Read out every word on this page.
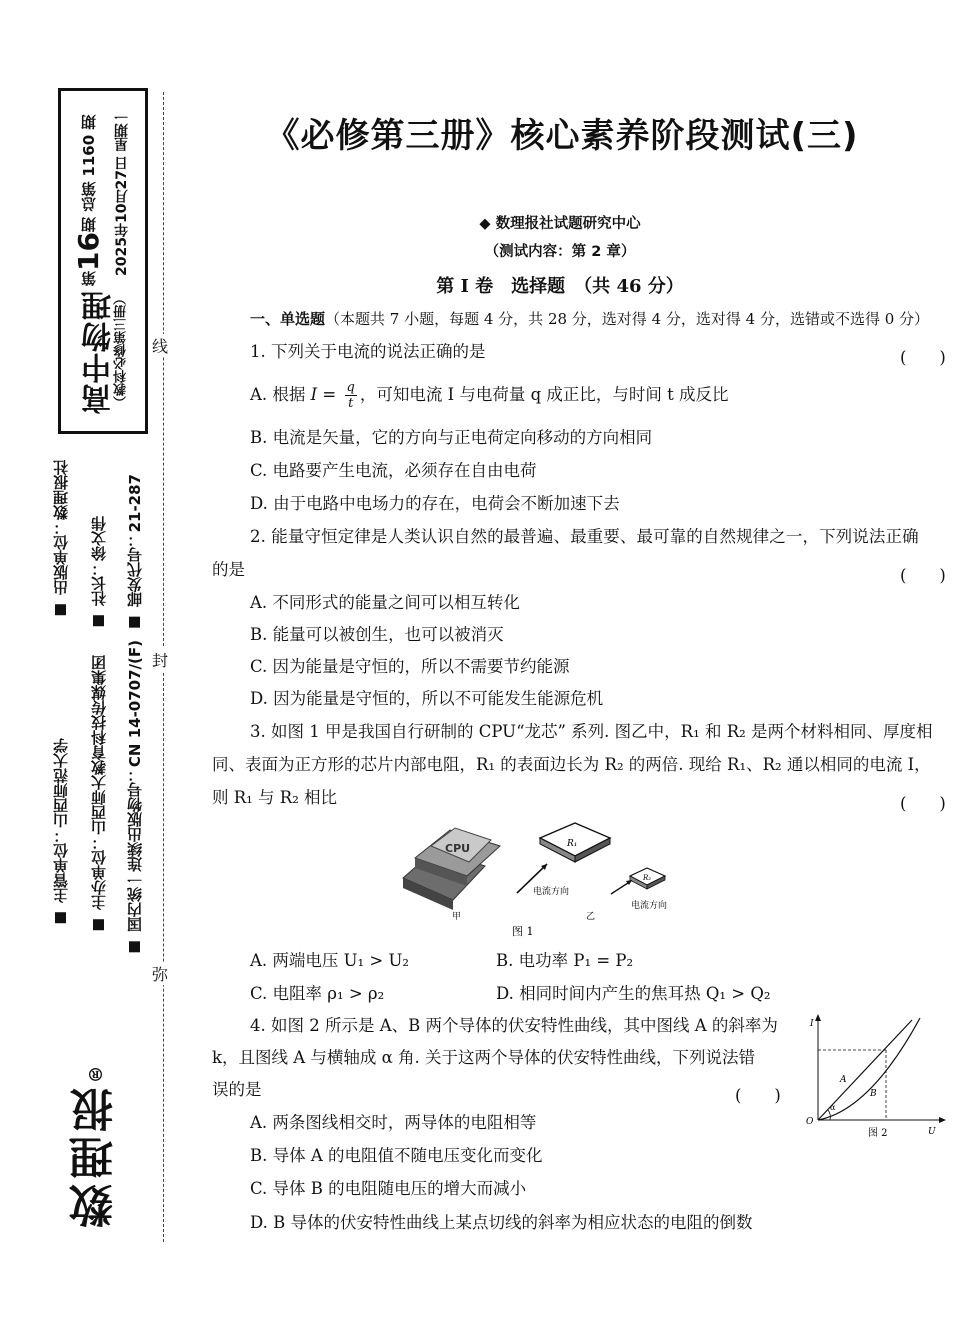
高中物理
（教科必修第三册）
第16期 总第 1160 期	2025年10月27日 星期一
出版单位：数理报社 社长：徐文伟 邮发代号：21-287
主管单位：山西师范大学 主办单位：山西师大教育科技传媒集团 国内统一连续出版物号：CN 14-0707/(F)
数理报®
线
封
弥
《必修第三册》核心素养阶段测试(三)
◆ 数理报社试题研究中心
（测试内容：第 2 章）
第 Ⅰ 卷　选择题　（共 46 分）
一、单选题（本题共 7 小题，每题 4 分，共 28 分，选对得 4 分，选对得 4 分，选错或不选得 0 分）
1. 下列关于电流的说法正确的是	(　　)
A. 根据 $I = \frac{q}{t}$ ，可知电流 I 与电荷量 q 成正比，与时间 t 成反比
B. 电流是矢量，它的方向与正电荷定向移动的方向相同
C. 电路要产生电流，必须存在自由电荷
D. 由于电路中电场力的存在，电荷会不断加速下去
2. 能量守恒定律是人类认识自然的最普遍、最重要、最可靠的自然规律之一，下列说法正确
的是	(　　)
A. 不同形式的能量之间可以相互转化
B. 能量可以被创生，也可以被消灭
C. 因为能量是守恒的，所以不需要节约能源
D. 因为能量是守恒的，所以不可能发生能源危机
3. 如图 1 甲是我国自行研制的 CPU“龙芯” 系列. 图乙中，R₁ 和 R₂ 是两个材料相同、厚度相
同、表面为正方形的芯片内部电阻，R₁ 的表面边长为 R₂ 的两倍. 现给 R₁、R₂ 通以相同的电流 I，
则 R₁ 与 R₂ 相比	(　　)
CPU	R₁
电流方向
R₂
电流方向
甲	乙
图 1
A. 两端电压 U₁ > U₂	B. 电功率 P₁ = P₂
C. 电阻率 ρ₁ > ρ₂	D. 相同时间内产生的焦耳热 Q₁ > Q₂
4. 如图 2 所示是 A、B 两个导体的伏安特性曲线，其中图线 A 的斜率为
k，且图线 A 与横轴成 α 角. 关于这两个导体的伏安特性曲线，下列说法错
误的是	(　　)
A. 两条图线相交时，两导体的电阻相等
B. 导体 A 的电阻值不随电压变化而变化
C. 导体 B 的电阻随电压的增大而减小
D. B 导体的伏安特性曲线上某点切线的斜率为相应状态的电阻的倒数
I
U
O
A
B
α
图 2
